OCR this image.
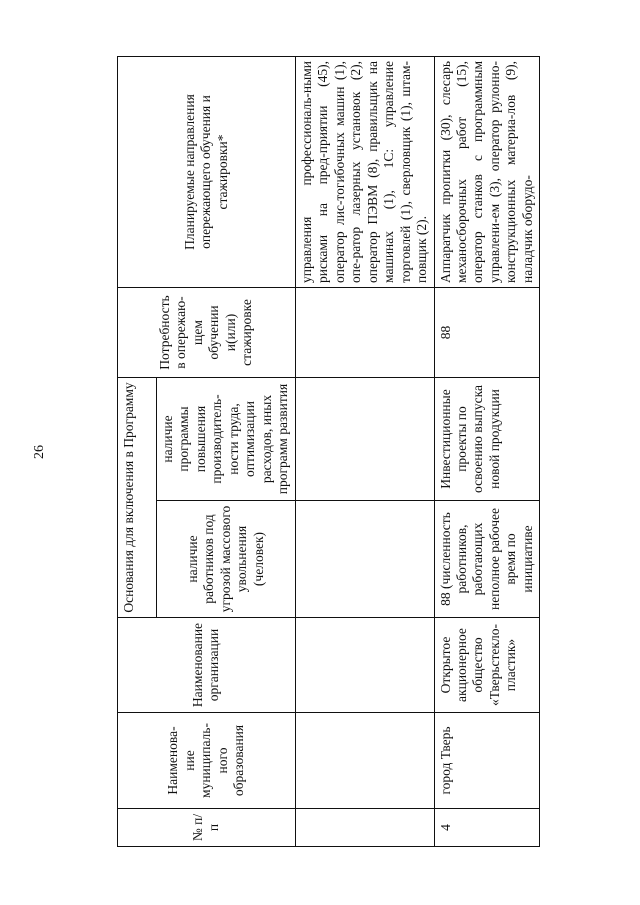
26
№ п/п	Наименова-ние муниципаль-ного образования	Наименование организации	Основания для включения в Программу		Потребность в опережаю-щем обучении и(или) стажировке	Планируемые направления опережающего обучения и стажировки*
			наличие работников под угрозой массового увольнения (человек)	наличие программы повышения производитель-ности труда, оптимизации расходов, иных программ развития		
						управления профессиональ-ными рисками на пред-приятии (45), оператор лис-тогибочных машин (1), опе-ратор лазерных установок (2), оператор ПЭВМ (8), правильщик на машинах (1), 1С: управление торговлей (1), сверловщик (1), штам-повщик (2).
4	город Тверь	Открытое акционерное общество «Тверьстекло-пластик»	88 (численность работников, работающих неполное рабочее время по инициативе	Инвестиционные проекты по освоению выпуска новой продукции	88	Аппаратчик пропитки (30), слесарь механосборочных работ (15), оператор станков с программным управлени-ем (3), оператор рулонно-конструкционных материа-лов (9), наладчик оборудо-
